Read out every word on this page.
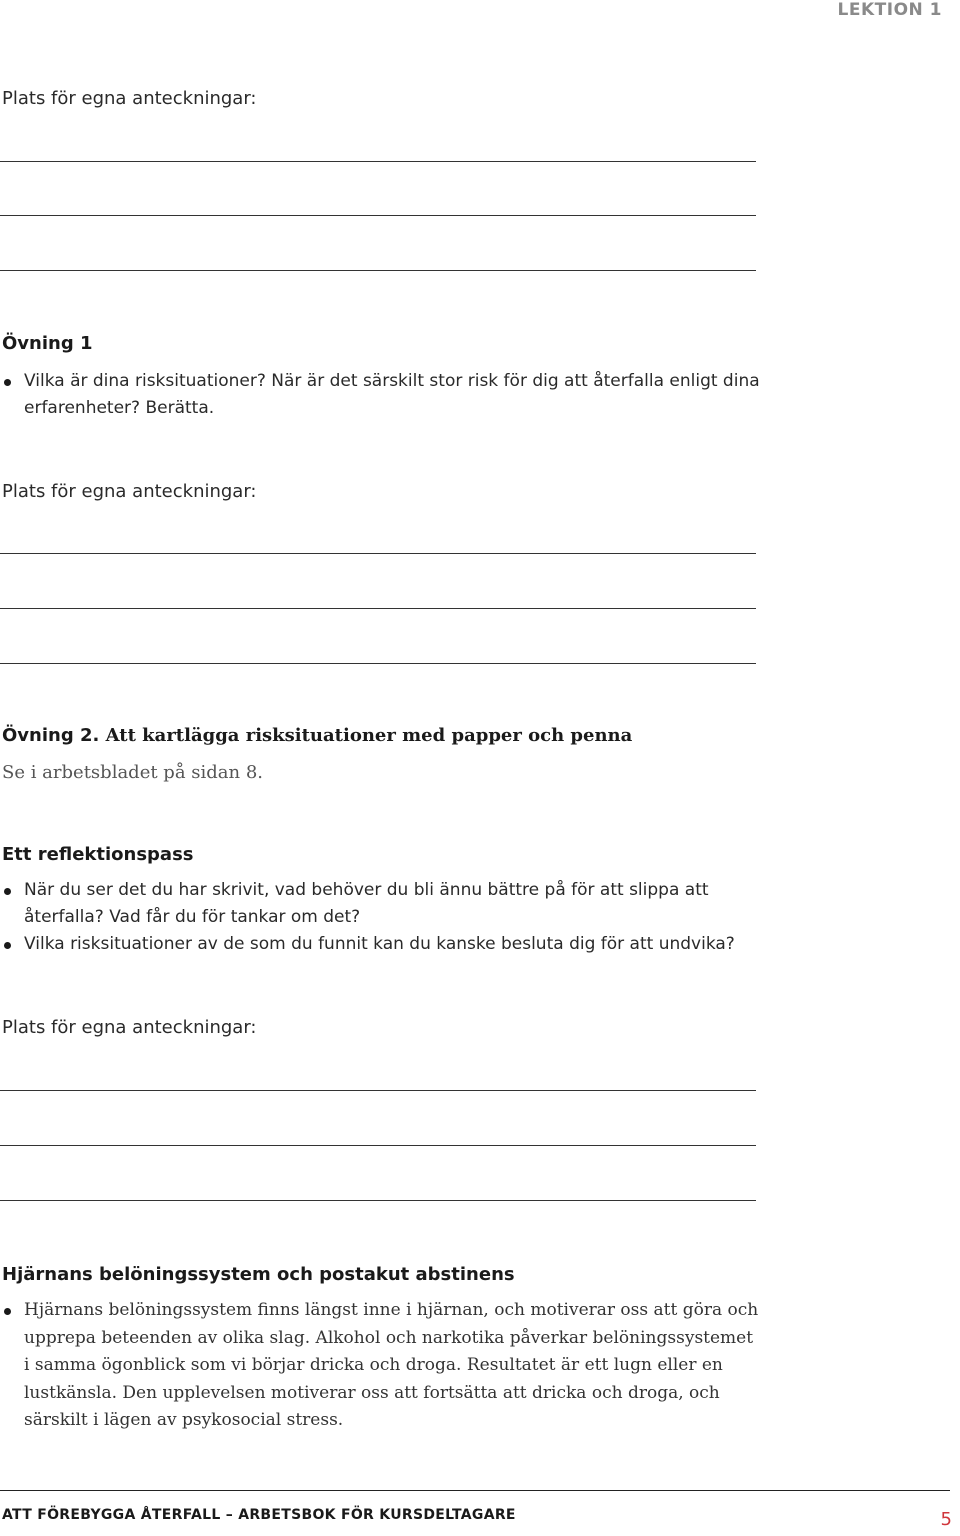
LEKTION 1
Plats för egna anteckningar:
Övning 1
Vilka är dina risksituationer? När är det särskilt stor risk för dig att återfalla enligt dina erfarenheter? Berätta.
Plats för egna anteckningar:
Övning 2. Att kartlägga risksituationer med papper och penna
Se i arbetsbladet på sidan 8.
Ett reflektionspass
När du ser det du har skrivit, vad behöver du bli ännu bättre på för att slippa att återfalla? Vad får du för tankar om det?
Vilka risksituationer av de som du funnit kan du kanske besluta dig för att undvika?
Plats för egna anteckningar:
Hjärnans belöningssystem och postakut abstinens
Hjärnans belöningssystem finns längst inne i hjärnan, och motiverar oss att göra och upprepa beteenden av olika slag. Alkohol och narkotika påverkar belöningssystemet i samma ögonblick som vi börjar dricka och droga. Resultatet är ett lugn eller en lustkänsla. Den upplevelsen motiverar oss att fortsätta att dricka och droga, och särskilt i lägen av psykosocial stress.
ATT FÖREBYGGA ÅTERFALL – ARBETSBOK FÖR KURSDELTAGARE	5
